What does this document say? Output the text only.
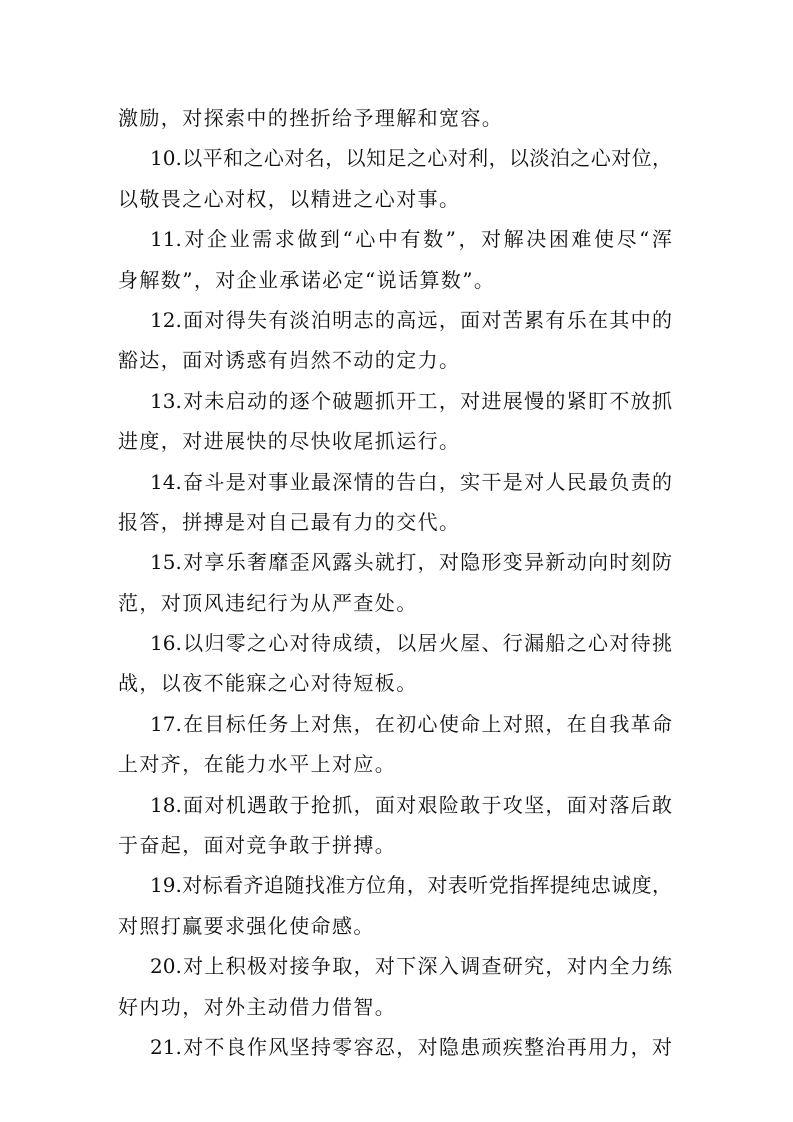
激励，对探索中的挫折给予理解和宽容。
10.以平和之心对名，以知足之心对利，以淡泊之心对位，
以敬畏之心对权，以精进之心对事。
11.对企业需求做到“心中有数”，对解决困难使尽“浑
身解数”，对企业承诺必定“说话算数”。
12.面对得失有淡泊明志的高远，面对苦累有乐在其中的
豁达，面对诱惑有岿然不动的定力。
13.对未启动的逐个破题抓开工，对进展慢的紧盯不放抓
进度，对进展快的尽快收尾抓运行。
14.奋斗是对事业最深情的告白，实干是对人民最负责的
报答，拼搏是对自己最有力的交代。
15.对享乐奢靡歪风露头就打，对隐形变异新动向时刻防
范，对顶风违纪行为从严查处。
16.以归零之心对待成绩，以居火屋、行漏船之心对待挑
战，以夜不能寐之心对待短板。
17.在目标任务上对焦，在初心使命上对照，在自我革命
上对齐，在能力水平上对应。
18.面对机遇敢于抢抓，面对艰险敢于攻坚，面对落后敢
于奋起，面对竞争敢于拼搏。
19.对标看齐追随找准方位角，对表听党指挥提纯忠诚度，
对照打赢要求强化使命感。
20.对上积极对接争取，对下深入调查研究，对内全力练
好内功，对外主动借力借智。
21.对不良作风坚持零容忍，对隐患顽疾整治再用力，对
